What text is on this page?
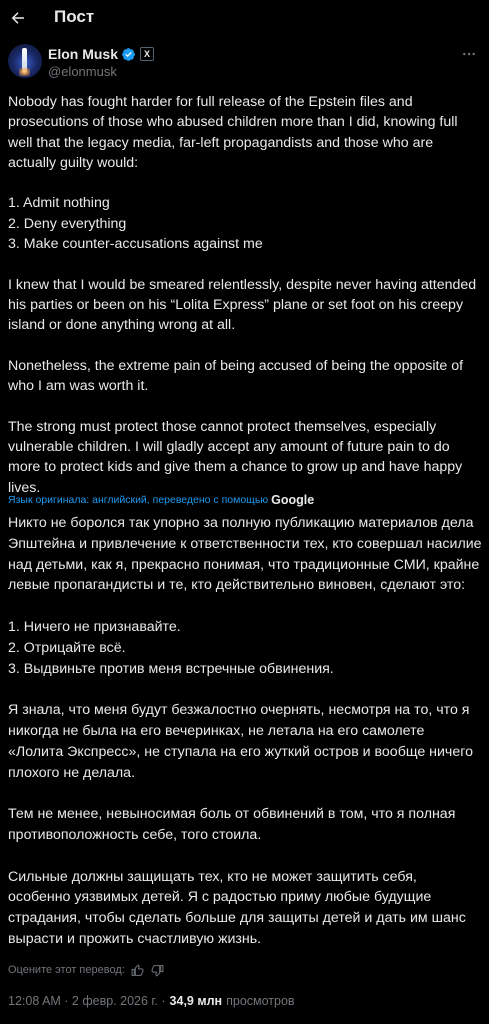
Пост
Elon Musk	X
@elonmusk

Nobody has fought harder for full release of the Epstein files and prosecutions of those who abused children more than I did, knowing full well that the legacy media, far-left propagandists and those who are actually guilty would:

1. Admit nothing

2. Deny everything

3. Make counter-accusations against me

I knew that I would be smeared relentlessly, despite never having attended his parties or been on his “Lolita Express” plane or set foot on his creepy island or done anything wrong at all.

Nonetheless, the extreme pain of being accused of being the opposite of who I am was worth it.

The strong must protect those cannot protect themselves, especially vulnerable children. I will gladly accept any amount of future pain to do more to protect kids and give them a chance to grow up and have happy lives.

Язык оригинала: английский, переведено с помощью Google

Никто не боролся так упорно за полную публикацию материалов дела Эпштейна и привлечение к ответственности тех, кто совершал насилие над детьми, как я, прекрасно понимая, что традиционные СМИ, крайне левые пропагандисты и те, кто действительно виновен, сделают это:

1. Ничего не признавайте.

2. Отрицайте всё.

3. Выдвиньте против меня встречные обвинения.

Я знала, что меня будут безжалостно очернять, несмотря на то, что я никогда не была на его вечеринках, не летала на его самолете «Лолита Экспресс», не ступала на его жуткий остров и вообще ничего плохого не делала.

Тем не менее, невыносимая боль от обвинений в том, что я полная противоположность себе, того стоила.

Сильные должны защищать тех, кто не может защитить себя, особенно уязвимых детей. Я с радостью приму любые будущие страдания, чтобы сделать больше для защиты детей и дать им шанс вырасти и прожить счастливую жизнь.

Оцените этот перевод:
12:08 AM · 2 февр. 2026 г. · 34,9 млн просмотров
